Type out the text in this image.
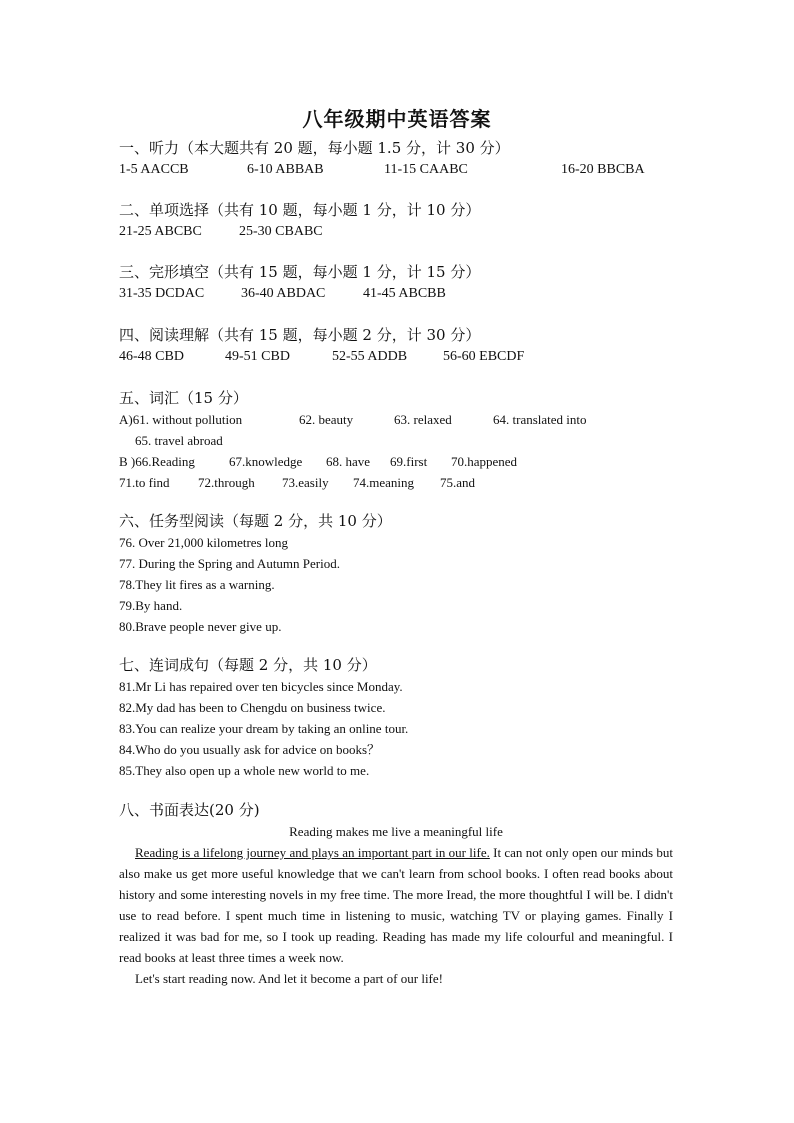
八年级期中英语答案
一、听力（本大题共有 20 题，每小题 1.5 分，计 30 分）
1-5 AACCB	6-10 ABBAB	11-15 CAABC	16-20 BBCBA
二、单项选择（共有 10 题，每小题 1 分，计 10 分）
21-25 ABCBC	25-30 CBABC
三、完形填空（共有 15 题，每小题 1 分，计 15 分）
31-35 DCDAC	36-40 ABDAC	41-45 ABCBB
四、阅读理解（共有 15 题，每小题 2 分，计 30 分）
46-48 CBD	49-51 CBD	52-55 ADDB	56-60 EBCDF
五、词汇（15 分）
A)61. without pollution	62. beauty	63. relaxed	64. translated into
65. travel abroad
B )66.Reading	67.knowledge	68. have	69.first	70.happened
71.to find	72.through	73.easily	74.meaning	75.and
六、任务型阅读（每题 2 分，共 10 分）
76. Over 21,000 kilometres long
77. During the Spring and Autumn Period.
78.They lit fires as a warning.
79.By hand.
80.Brave people never give up.
七、连词成句（每题 2 分，共 10 分）
81.Mr Li has repaired over ten bicycles since Monday.
82.My dad has been to Chengdu on business twice.
83.You can realize your dream by taking an online tour.
84.Who do you usually ask for advice on books？
85.They also open up a whole new world to me.
八、书面表达(20 分)
Reading makes me live a meaningful life
Reading is a lifelong journey and plays an important part in our life. It can not only open our minds but also make us get more useful knowledge that we can't learn from school books. I often read books about history and some interesting novels in my free time. The more Iread, the more thoughtful I will be. I didn't use to read before. I spent much time in listening to music, watching TV or playing games. Finally I realized it was bad for me, so I took up reading. Reading has made my life colourful and meaningful. I read books at least three times a week now.
Let's start reading now. And let it become a part of our life!
